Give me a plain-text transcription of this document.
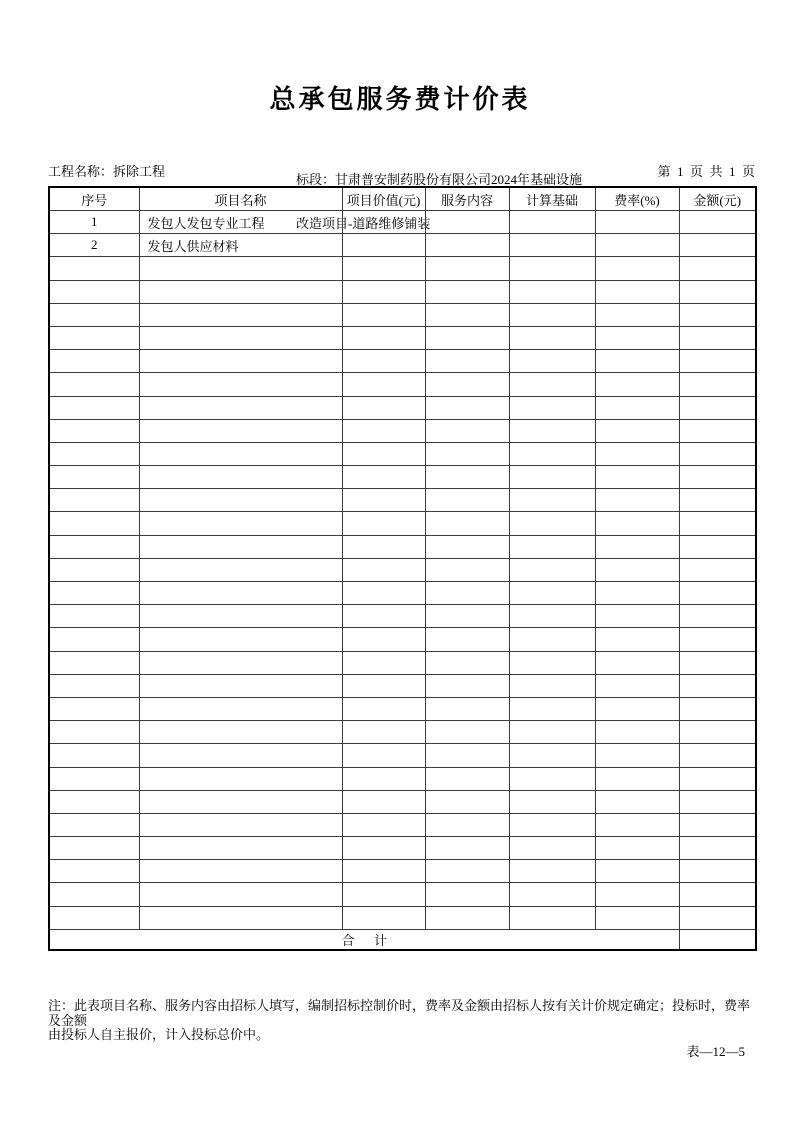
总承包服务费计价表
工程名称：拆除工程

标段：甘肃普安制药股份有限公司2024年基础设施

改造项目-道路维修铺装

第  1  页  共  1  页
序号	项目名称	项目价值(元)	服务内容	计算基础	费率(%)	金额(元)
1	发包人发包专业工程					
2	发包人供应材料					

合      计						
注：此表项目名称、服务内容由招标人填写，编制招标控制价时，费率及金额由招标人按有关计价规定确定；投标时，费率及金额
由投标人自主报价，计入投标总价中。
表—12—5
